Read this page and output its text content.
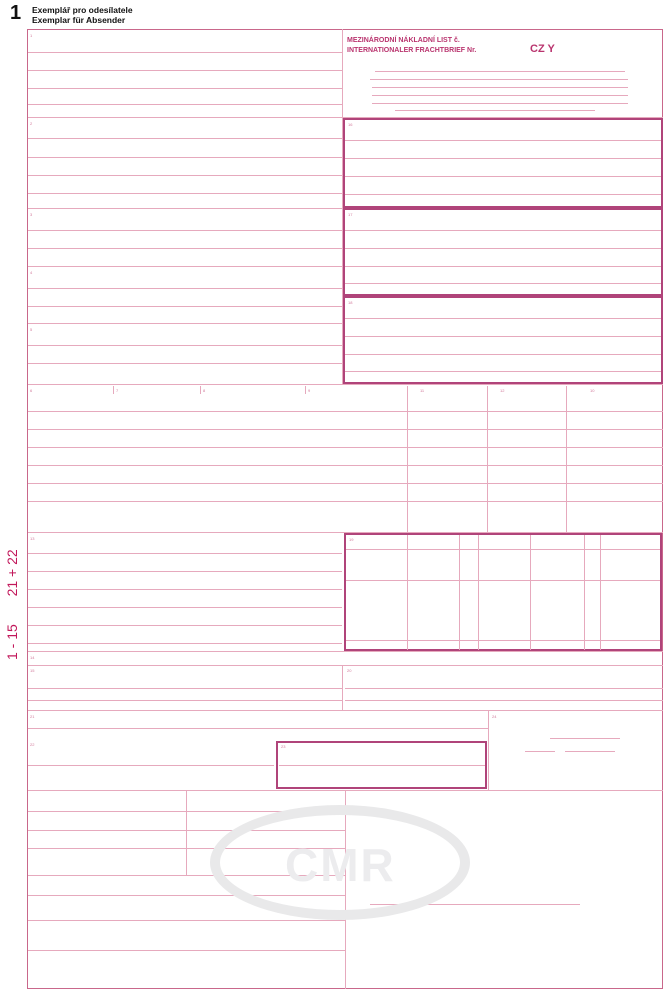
1 Exemplář pro odesílatele
Exemplar für Absender
1 - 15  21 + 22
1
MEZINÁRODNÍ NÁKLADNÍ LIST č.
INTERNATIONALER FRACHTBRIEF Nr.	CZ Y
2	16
3	17
4
18
5
6	7	8	9	11	12	10
13	19
14
15	20
21	24
22	23
CMR
